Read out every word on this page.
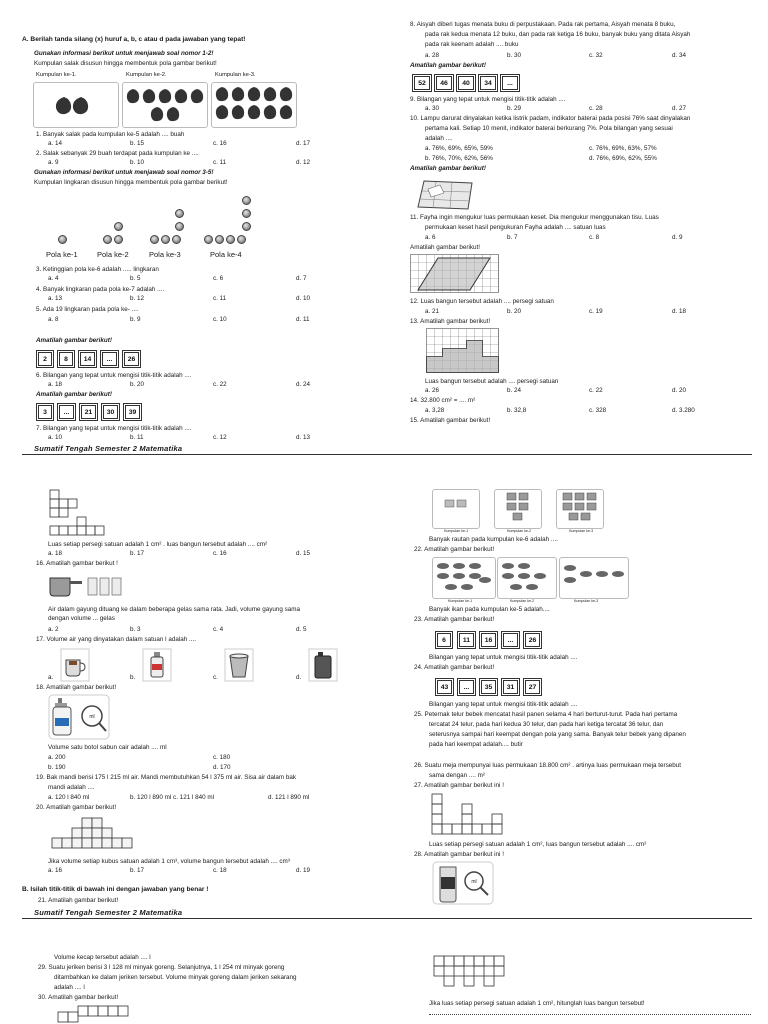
A. Berilah tanda silang (x) huruf a, b, c atau d pada jawaban yang tepat!
Gunakan informasi berikut untuk menjawab soal nomor 1-2!
Kumpulan salak disusun hingga membentuk pola gambar berikut!
Kumpulan ke-1.	Kumpulan ke-2.	Kumpulan ke-3.
1. Banyak salak pada kumpulan ke-5 adalah .... buah
a. 14	b. 15	c. 16	d. 17
2. Salak sebanyak 29 buah terdapat pada kumpulan ke ....
a. 9	b. 10	c. 11	d. 12
Gunakan informasi berikut untuk menjawab soal nomor 3-5!
Kumpulan lingkaran disusun hingga membentuk pola gambar berikut!
Pola ke-1	Pola ke-2	Pola ke-3	Pola ke-4
3. Ketinggian pola ke-6 adalah ..... lingkaran
a. 4	b. 5	c. 6	d. 7
4. Banyak lingkaran pada pola ke-7 adalah ....
a. 13	b. 12	c. 11	d. 10
5. Ada 19 lingkaran pada pola ke- ....
a. 8	b. 9	c. 10	d. 11
Amatilah gambar berikut!
2	8	14	...	26
6. Bilangan yang tepat untuk mengisi titik-titik adalah ....
a. 18	b. 20	c. 22	d. 24
Amatilah gambar berikut!
3	...	21	30	39
7. Bilangan yang tepat untuk mengisi titik-titik adalah ....
a. 10	b. 11	c. 12	d. 13
Sumatif Tengah Semester 2 Matematika
8. Aisyah diberi tugas menata buku di perpustakaan. Pada rak pertama, Aisyah menata 8 buku,
pada rak kedua menata 12 buku, dan pada rak ketiga 16 buku, banyak buku yang ditata Aisyah
pada rak keenam adalah .... buku
a. 28	b. 30	c. 32	d. 34
Amatilah gambar berikut!
52	46	40	34	...
9. Bilangan yang tepat untuk mengisi titik-titik adalah ....
a. 30	b. 29	c. 28	d. 27
10. Lampu darurat dinyalakan ketika listrik padam, indikator baterai pada posisi 76% saat dinyalakan
pertama kali. Setiap 10 menit, indikator baterai berkurang 7%. Pola bilangan yang sesuai
adalah ....
a. 76%, 69%, 65%, 59%	c. 76%, 69%, 63%, 57%
b. 76%, 70%, 62%, 56%	d. 76%, 69%, 62%, 55%
Amatilah gambar berikut!
11. Fayha ingin mengukur luas permukaan keset. Dia mengukur menggunakan tisu. Luas
permukaan keset hasil pengukuran Fayha adalah .... satuan luas
a. 6	b. 7	c. 8	d. 9
Amatilah gambar berikut!
12. Luas bangun tersebut adalah .... persegi satuan
a. 21	b. 20	c. 19	d. 18
13. Amatilah gambar berikut!
Luas bangun tersebut adalah .... persegi satuan
a. 26	b. 24	c. 22	d. 20
14. 32.800 cm² = .... m²
a. 3,28	b. 32,8	c. 328	d. 3.280
15. Amatilah gambar berikut!
Luas setiap persegi satuan adalah 1 cm² . luas bangun tersebut adalah .... cm²
a. 18	b. 17	c. 16	d. 15
16. Amatilah gambar berikut !
Air dalam gayung dituang ke dalam beberapa gelas sama rata. Jadi, volume gayung sama
dengan volume ... gelas
a. 2	b. 3	c. 4	d. 5
17. Volume air yang dinyatakan dalam satuan l adalah ....
a.	b.	c.	d.
18. Amatilah gambar berikut!
ml
Volume satu botol sabun cair adalah .... ml
a. 200	c. 180
b. 190	d. 170
19. Bak mandi berisi 175 l 215 ml air. Mandi membutuhkan 54 l 375 ml air. Sisa air dalam bak
mandi adalah ....
a. 120 l 840 ml	b. 120 l 890 ml c. 121 l 840 ml	d. 121 l 890 ml
20. Amatilah gambar berikut!
Jika volume setiap kubus satuan adalah 1 cm³, volume bangun tersebut adalah .... cm³
a. 16	b. 17	c. 18	d. 19
B. Isilah titik-titik di bawah ini dengan jawaban yang benar !
21. Amatilah gambar berikut!
Sumatif Tengah Semester 2 Matematika
Kumpulan ke-1	Kumpulan ke-2	Kumpulan ke-3
Banyak rautan pada kumpulan ke-6 adalah ....
22. Amatilah gambar berikut!
Kumpulan ke-1	Kumpulan ke-2	Kumpulan ke-3
Banyak ikan pada kumpulan ke-5 adalah....
23. Amatilah gambar berikut!
6	11	16	...	26
Bilangan yang tepat untuk mengisi titik-titik adalah ....
24. Amatilah gambar berikut!
43	...	35	31	27
Bilangan yang tepat untuk mengisi titik-titik adalah ....
25. Peternak telur bebek mencatat hasil panen selama 4 hari berturut-turut. Pada hari pertama
tercatat 24 telur, pada hari kedua 30 telur, dan pada hari ketiga tercatat 36 telur, dan
seterusnya sampai hari keempat dengan pola yang sama. Banyak telur bebek yang dipanen
pada hari keempat adalah.... butir
26. Suatu meja mempunyai luas permukaan 18.800 cm² . artinya luas permukaan meja tersebut
sama dengan .... m²
27. Amatilah gambar berikut ini !
Luas setiap persegi satuan adalah 1 cm², luas bangun tersebut adalah .... cm²
28. Amatilah gambar berikut ini !
ml
Volume kecap tersebut adalah .... l
29. Suatu jeriken berisi 3 l 128 ml minyak goreng. Selanjutnya, 1 l 254 ml minyak goreng
ditambahkan ke dalam jeriken tersebut. Volume minyak goreng dalam jeriken sekarang
adalah .... l
30. Amatilah gambar berikut!
Jika luas setiap persegi satuan adalah 1 cm², hitunglah luas bangun tersebut!
